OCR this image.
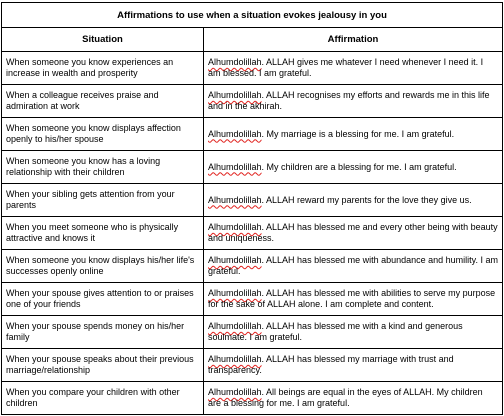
Affirmations to use when a situation evokes jealousy in you	
Situation	Affirmation
When someone you know experiences an increase in wealth and prosperity	Alhumdolillah. ALLAH gives me whatever I need whenever I need it. I am blessed. I am grateful.
When a colleague receives praise and admiration at work	Alhumdolillah. ALLAH recognises my efforts and rewards me in this life and in the akhirah.
When someone you know displays affection openly to his/her spouse	Alhumdolillah. My marriage is a blessing for me. I am grateful.
When someone you know has a loving relationship with their children	Alhumdolillah. My children are a blessing for me. I am grateful.
When your sibling gets attention from your parents	Alhumdolillah. ALLAH reward my parents for the love they give us.
When you meet someone who is physically attractive and knows it	Alhumdolillah. ALLAH has blessed me and every other being with beauty and uniqueness.
When someone you know displays his/her life's successes openly online	Alhumdolillah. ALLAH has blessed me with abundance and humility. I am grateful.
When your spouse gives attention to or praises one of your friends	Alhumdolillah. ALLAH has blessed me with abilities to serve my purpose for the sake of ALLAH alone. I am complete and content.
When your spouse spends money on his/her family	Alhumdolillah. ALLAH has blessed me with a kind and generous soulmate. I am grateful.
When your spouse speaks about their previous marriage/relationship	Alhumdolillah. ALLAH has blessed my marriage with trust and transparency.
When you compare your children with other children	Alhumdolillah. All beings are equal in the eyes of ALLAH. My children are a blessing for me. I am grateful.
